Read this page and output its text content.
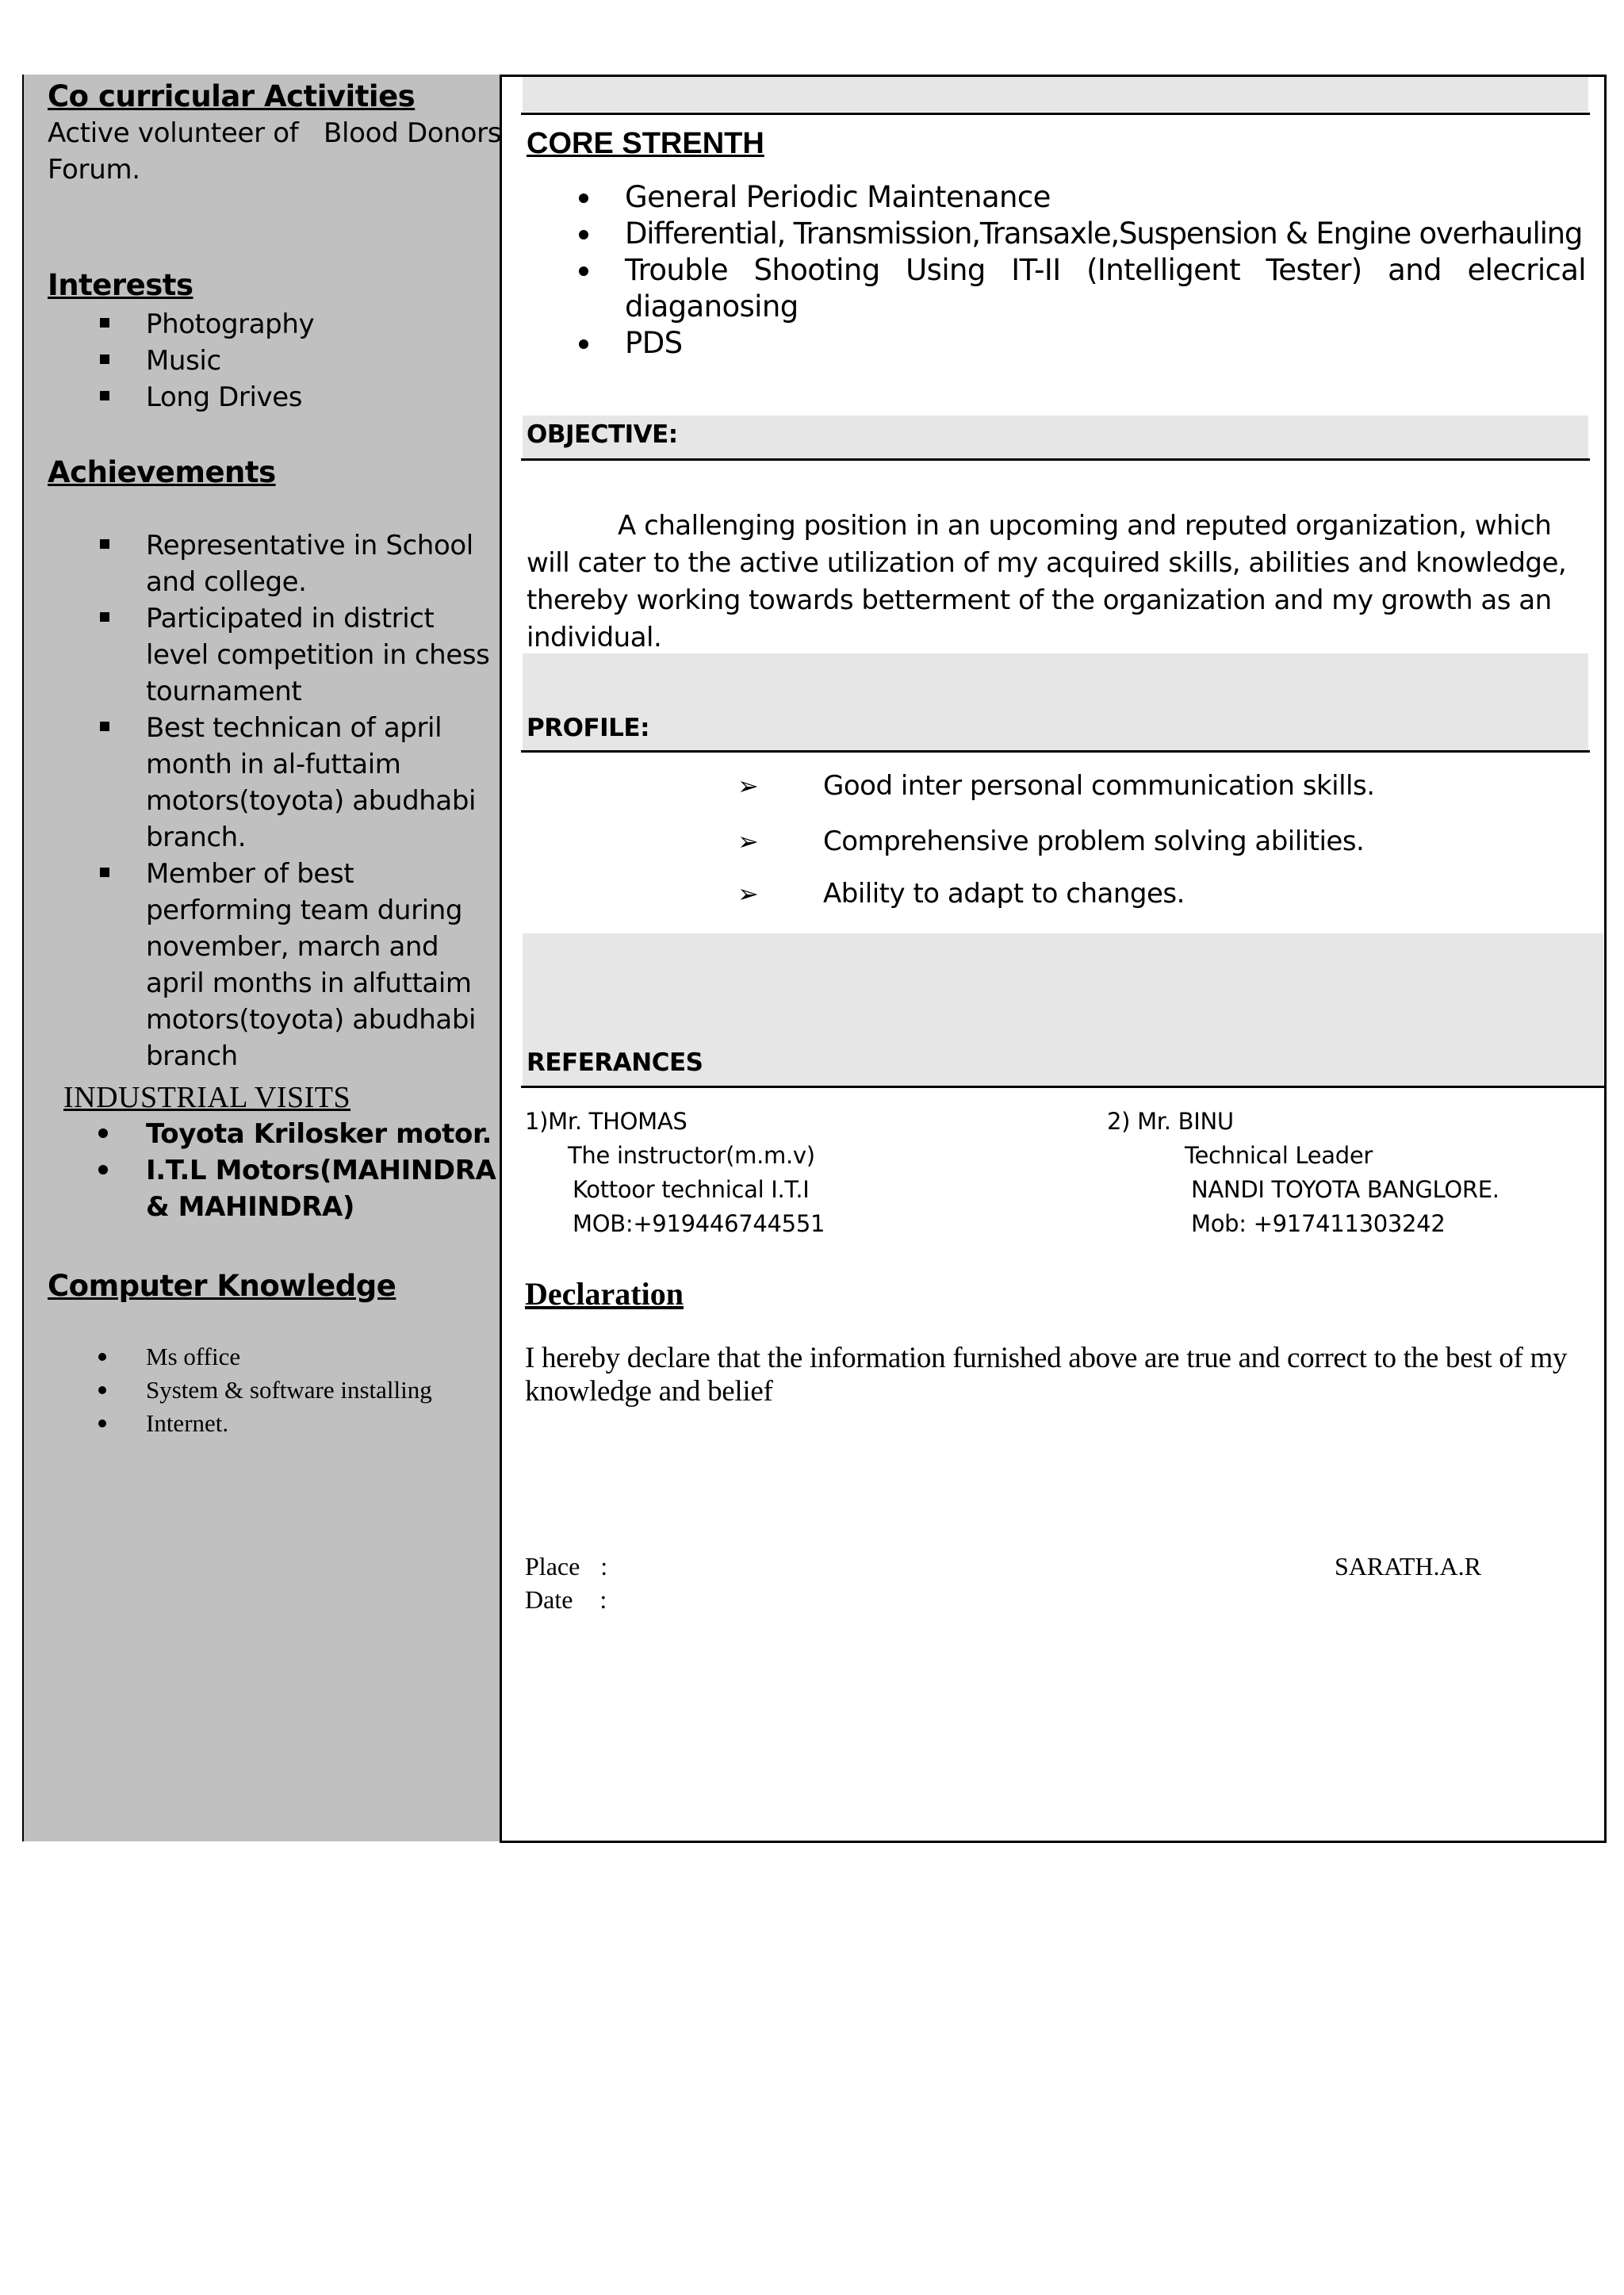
Co curricular Activities
Active volunteer of   Blood Donors
Forum.
Interests
Photography
Music
Long Drives
Achievements
Representative in School
and college.
Participated in district
level competition in chess
tournament
Best technican of april
month in al-futtaim
motors(toyota) abudhabi
branch.
Member of best
performing team during
november, march and
april months in alfuttaim
motors(toyota) abudhabi
branch
INDUSTRIAL VISITS
Toyota Krilosker motor.
I.T.L Motors(MAHINDRA
& MAHINDRA)
Computer Knowledge
Ms office
System & software installing
Internet.
CORE STRENTH
General Periodic Maintenance
Differential, Transmission,Transaxle,Suspension & Engine overhauling
Trouble Shooting Using IT-II (Intelligent Tester) and elecrical diaganosing
PDS
OBJECTIVE:
A challenging position in an upcoming and reputed organization, which will cater to the active utilization of my acquired skills, abilities and knowledge, thereby working towards betterment of the organization and my growth as an individual.
PROFILE:
➢ Good inter personal communication skills.
➢ Comprehensive problem solving abilities.
➢ Ability to adapt to changes.
REFERANCES
1)Mr. THOMAS
The instructor(m.m.v)
Kottoor technical I.T.I
MOB:+919446744551
2) Mr. BINU
Technical Leader
NANDI TOYOTA BANGLORE.
Mob: +917411303242
Declaration
I hereby declare that the information furnished above are true and correct to the best of my knowledge and belief
Place :
Date :
SARATH.A.R
